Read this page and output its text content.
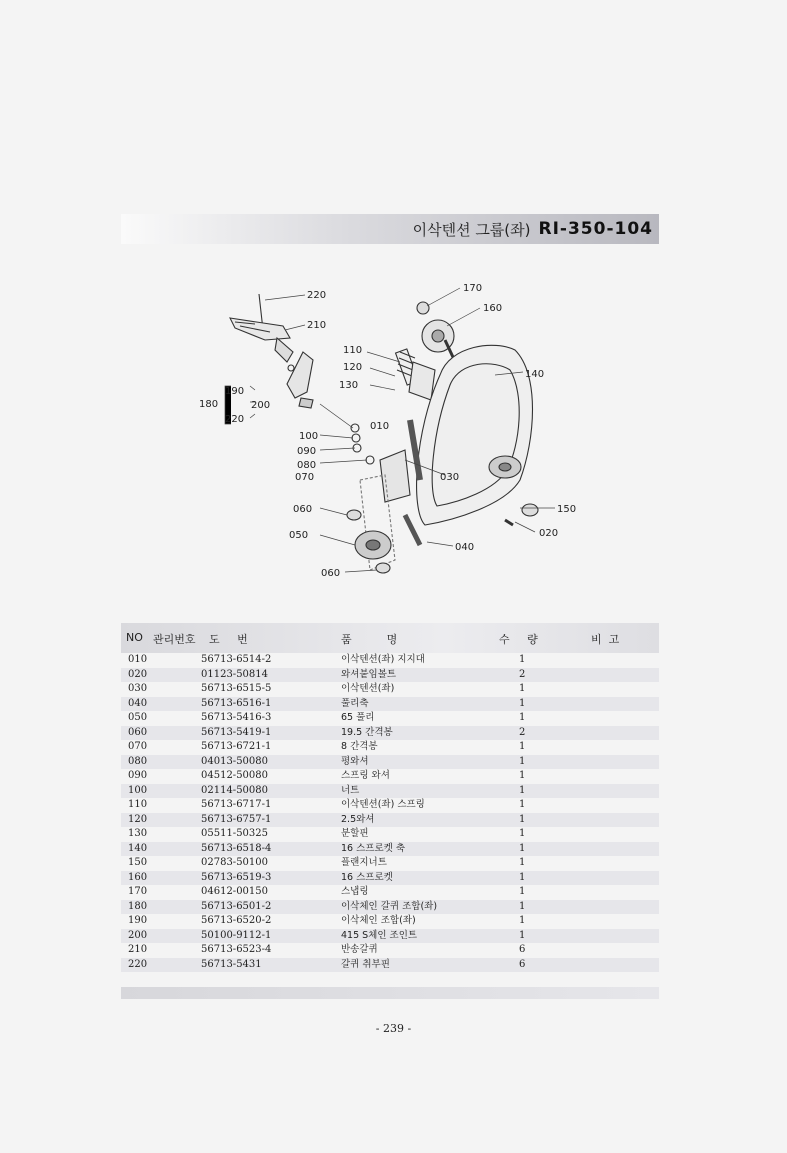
이삭텐션 그룹(좌) RI-350-104
220
210
170
160
110
120
130
140
190
180	200
220
010
100
090
080
070	030
060	150
050	020
040
060
NO 관리번호 도     번	품          명	수     량	비  고
010	56713-6514-2	이삭텐션(좌) 지지대	1
020	01123-50814	와셔붙임볼트	2
030	56713-6515-5	이삭텐션(좌)	1
040	56713-6516-1	풀리축	1
050	56713-5416-3	65 풀리	1
060	56713-5419-1	19.5 간격봉	2
070	56713-6721-1	8 간격봉	1
080	04013-50080	평와셔	1
090	04512-50080	스프링 와셔	1
100	02114-50080	너트	1
110	56713-6717-1	이삭텐션(좌) 스프링	1
120	56713-6757-1	2.5와셔	1
130	05511-50325	분할핀	1
140	56713-6518-4	16 스프로켓 축	1
150	02783-50100	플랜지너트	1
160	56713-6519-3	16 스프로켓	1
170	04612-00150	스냅링	1
180	56713-6501-2	이삭체인 갈퀴 조합(좌)	1
190	56713-6520-2	이삭체인 조합(좌)	1
200	50100-9112-1	415 S체인 조인트	1
210	56713-6523-4	반송갈퀴	6
220	56713-5431	갈퀴 취부핀	6
- 239 -
